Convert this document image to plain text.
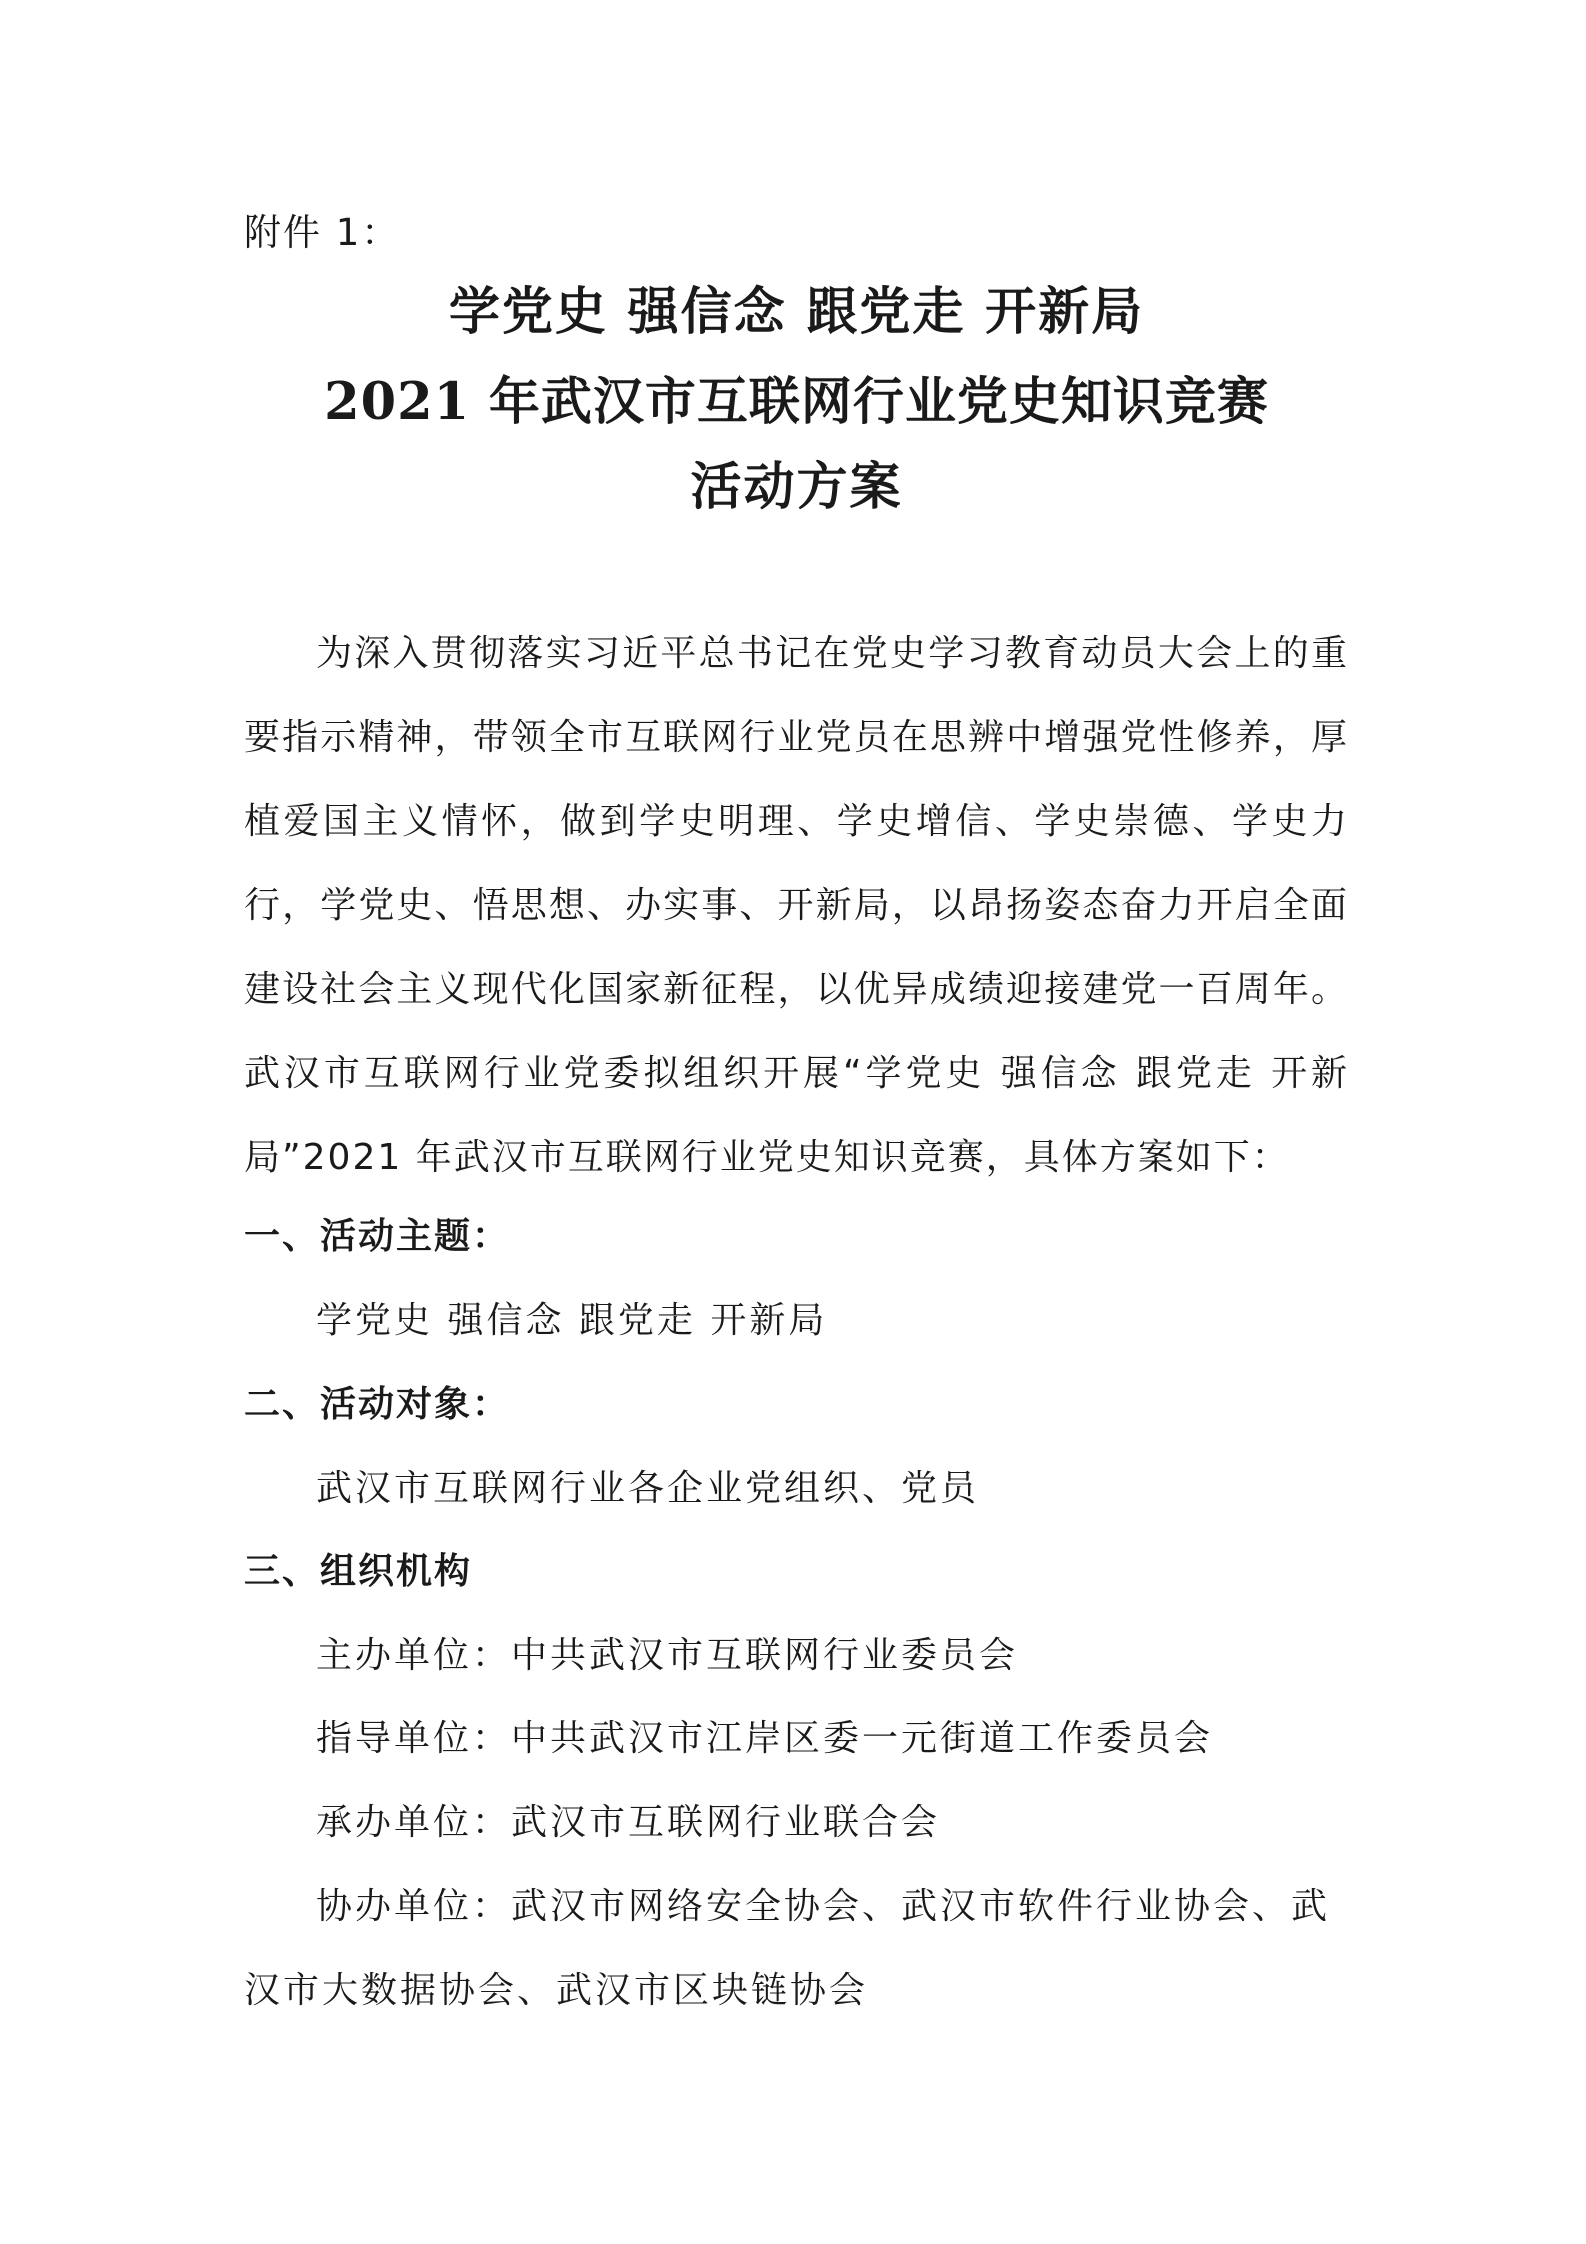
附件 1：
学党史 强信念 跟党走 开新局
2021 年武汉市互联网行业党史知识竞赛
活动方案
为深入贯彻落实习近平总书记在党史学习教育动员大会上的重要指示精神，带领全市互联网行业党员在思辨中增强党性修养，厚植爱国主义情怀，做到学史明理、学史增信、学史崇德、学史力行，学党史、悟思想、办实事、开新局，以昂扬姿态奋力开启全面建设社会主义现代化国家新征程，以优异成绩迎接建党一百周年。武汉市互联网行业党委拟组织开展“学党史 强信念 跟党走 开新局”2021 年武汉市互联网行业党史知识竞赛，具体方案如下：
一、活动主题：
学党史 强信念 跟党走 开新局
二、活动对象：
武汉市互联网行业各企业党组织、党员
三、组织机构
主办单位：中共武汉市互联网行业委员会
指导单位：中共武汉市江岸区委一元街道工作委员会
承办单位：武汉市互联网行业联合会
协办单位：武汉市网络安全协会、武汉市软件行业协会、武汉市大数据协会、武汉市区块链协会
